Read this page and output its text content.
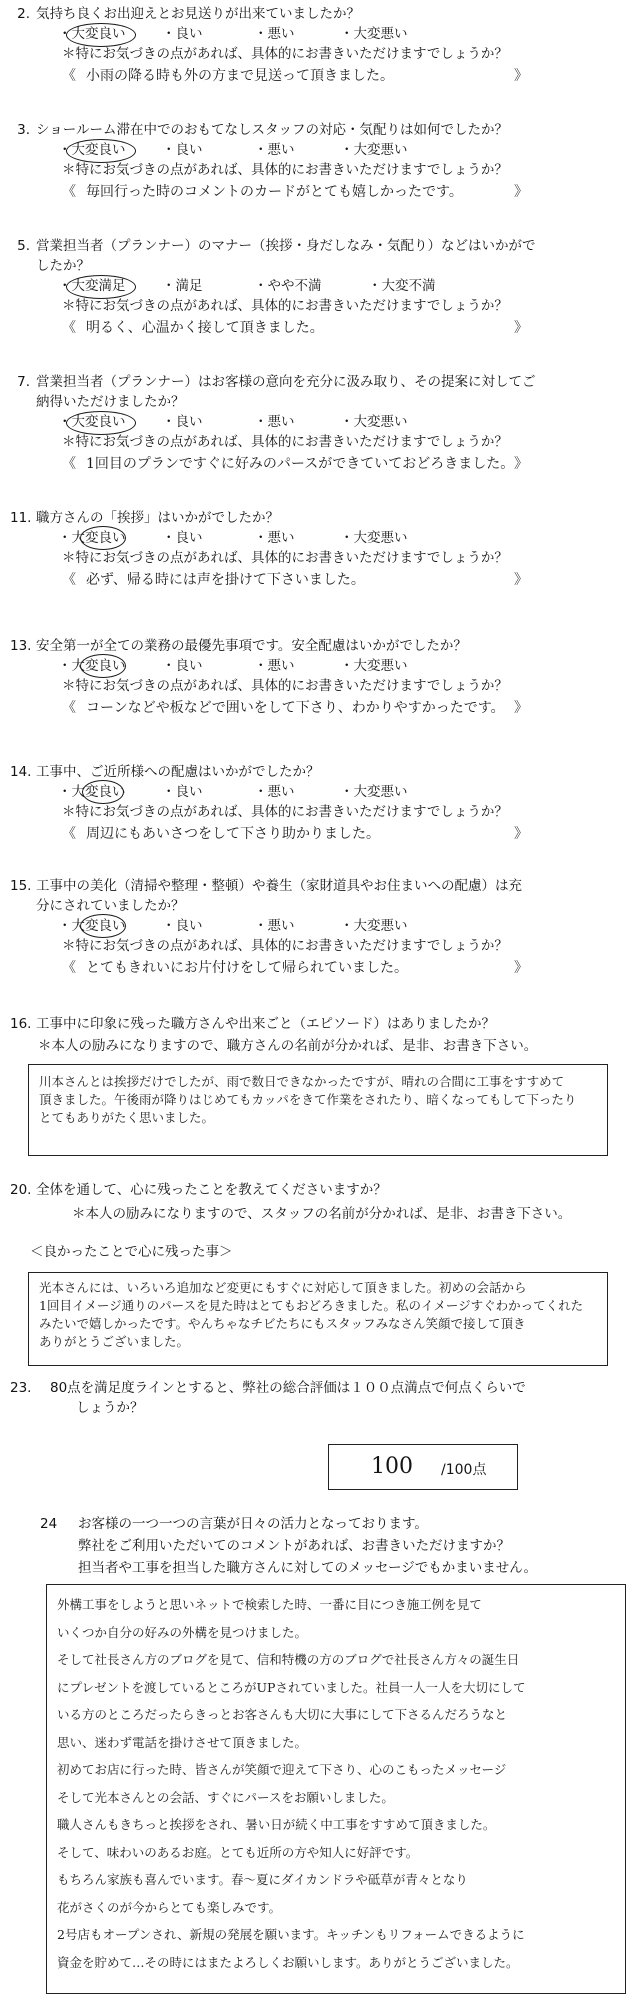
2. 気持ち良くお出迎えとお見送りが出来ていましたか？
・大変良い	・良い	・悪い	・大変悪い
＊特にお気づきの点があれば、具体的にお書きいただけますでしょうか？
《 小雨の降る時も外の方まで見送って頂きました。	》
3. ショールーム滞在中でのおもてなしスタッフの対応・気配りは如何でしたか？
・大変良い	・良い	・悪い	・大変悪い
＊特にお気づきの点があれば、具体的にお書きいただけますでしょうか？
《 毎回行った時のコメントのカードがとても嬉しかったです。	》
5. 営業担当者（プランナー）のマナー（挨拶・身だしなみ・気配り）などはいかがで
したか？
・大変満足	・満足	・やや不満	・大変不満
＊特にお気づきの点があれば、具体的にお書きいただけますでしょうか？
《 明るく、心温かく接して頂きました。	》
7. 営業担当者（プランナー）はお客様の意向を充分に汲み取り、その提案に対してご
納得いただけましたか？
・大変良い	・良い	・悪い	・大変悪い
＊特にお気づきの点があれば、具体的にお書きいただけますでしょうか？
《 1回目のプランですぐに好みのパースができていておどろきました。 》
11. 職方さんの「挨拶」はいかがでしたか？
・大変良い	・良い	・悪い	・大変悪い
＊特にお気づきの点があれば、具体的にお書きいただけますでしょうか？
《 必ず、帰る時には声を掛けて下さいました。	》
13. 安全第一が全ての業務の最優先事項です。安全配慮はいかがでしたか？
・大変良い	・良い	・悪い	・大変悪い
＊特にお気づきの点があれば、具体的にお書きいただけますでしょうか？
《 コーンなどや板などで囲いをして下さり、わかりやすかったです。 》
14. 工事中、ご近所様への配慮はいかがでしたか？
・大変良い	・良い	・悪い	・大変悪い
＊特にお気づきの点があれば、具体的にお書きいただけますでしょうか？
《 周辺にもあいさつをして下さり助かりました。	》
15. 工事中の美化（清掃や整理・整頓）や養生（家財道具やお住まいへの配慮）は充
分にされていましたか？
・大変良い	・良い	・悪い	・大変悪い
＊特にお気づきの点があれば、具体的にお書きいただけますでしょうか？
《 とてもきれいにお片付けをして帰られていました。	》
16. 工事中に印象に残った職方さんや出来ごと（エピソード）はありましたか？
＊本人の励みになりますので、職方さんの名前が分かれば、是非、お書き下さい。
川本さんとは挨拶だけでしたが、雨で数日できなかったですが、晴れの合間に工事をすすめて
頂きました。午後雨が降りはじめてもカッパをきて作業をされたり、暗くなってもして下ったり
とてもありがたく思いました。
20. 全体を通して、心に残ったことを教えてくださいますか？
＊本人の励みになりますので、スタッフの名前が分かれば、是非、お書き下さい。
＜良かったことで心に残った事＞
光本さんには、いろいろ追加など変更にもすぐに対応して頂きました。初めの会話から
1回目イメージ通りのパースを見た時はとてもおどろきました。私のイメージすぐわかってくれた
みたいで嬉しかったです。やんちゃなチビたちにもスタッフみなさん笑顔で接して頂き
ありがとうございました。
23. 80点を満足度ラインとすると、弊社の総合評価は１００点満点で何点くらいで
しょうか？
100 /100点
24 お客様の一つ一つの言葉が日々の活力となっております。
弊社をご利用いただいてのコメントがあれば、お書きいただけますか？
担当者や工事を担当した職方さんに対してのメッセージでもかまいません。
外構工事をしようと思いネットで検索した時、一番に目につき施工例を見て
いくつか自分の好みの外構を見つけました。
そして社長さん方のブログを見て、信和特機の方のブログで社長さん方々の誕生日
にプレゼントを渡しているところがUPされていました。社員一人一人を大切にして
いる方のところだったらきっとお客さんも大切に大事にして下さるんだろうなと
思い、迷わず電話を掛けさせて頂きました。
初めてお店に行った時、皆さんが笑顔で迎えて下さり、心のこもったメッセージ
そして光本さんとの会話、すぐにパースをお願いしました。
職人さんもきちっと挨拶をされ、暑い日が続く中工事をすすめて頂きました。
そして、味わいのあるお庭。とても近所の方や知人に好評です。
もちろん家族も喜んでいます。春〜夏にダイカンドラや砥草が青々となり
花がさくのが今からとても楽しみです。
2号店もオープンされ、新規の発展を願います。キッチンもリフォームできるように
資金を貯めて…その時にはまたよろしくお願いします。ありがとうございました。
